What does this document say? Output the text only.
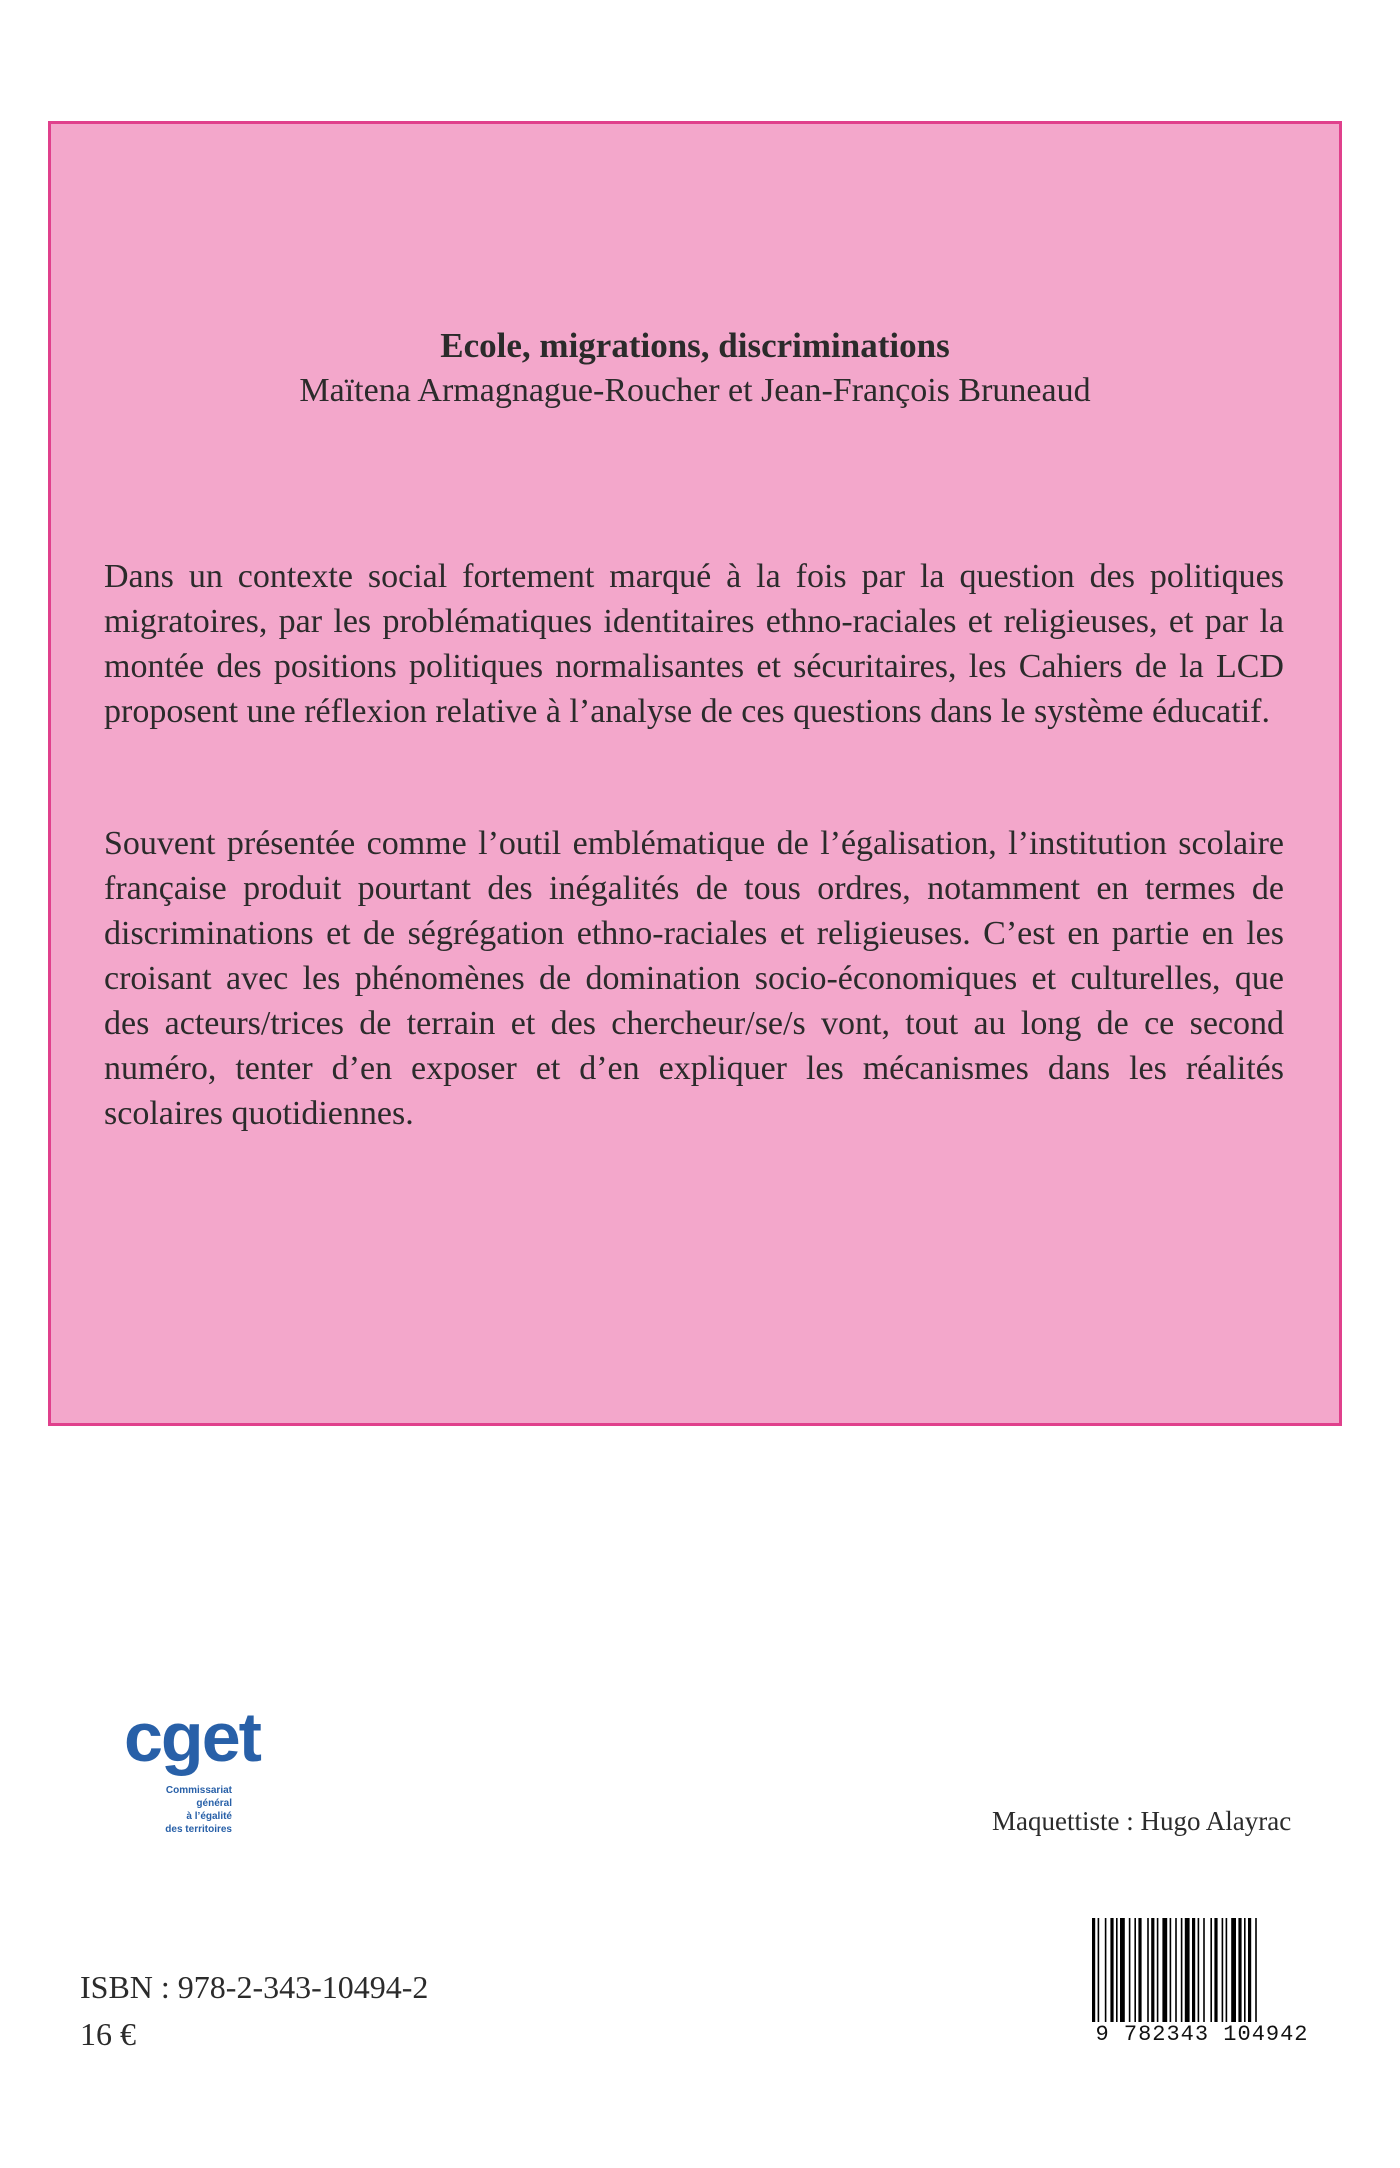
Ecole, migrations, discriminations
Maïtena Armagnague-Roucher et Jean-François Bruneaud

Dans un contexte social fortement marqué à la fois par la question des politiques migratoires, par les problématiques identitaires ethno-raciales et religieuses, et par la montée des positions politiques normalisantes et sécuritaires, les Cahiers de la LCD proposent une réflexion relative à l’analyse de ces questions dans le système éducatif.

Souvent présentée comme l’outil emblématique de l’égalisation, l’institution scolaire française produit pourtant des inégalités de tous ordres, notamment en termes de discriminations et de ségrégation ethno-raciales et religieuses. C’est en partie en les croisant avec les phénomènes de domination socio-économiques et culturelles, que des acteurs/trices de terrain et des chercheur/se/s vont, tout au long de ce second numéro, tenter d’en exposer et d’en expliquer les mécanismes dans les réalités scolaires quotidiennes.

cget
Commissariat
général
à l’égalité
des territoires	Maquettiste : Hugo Alayrac
ISBN : 978-2-343-10494-2
16 €	9 782343 104942
